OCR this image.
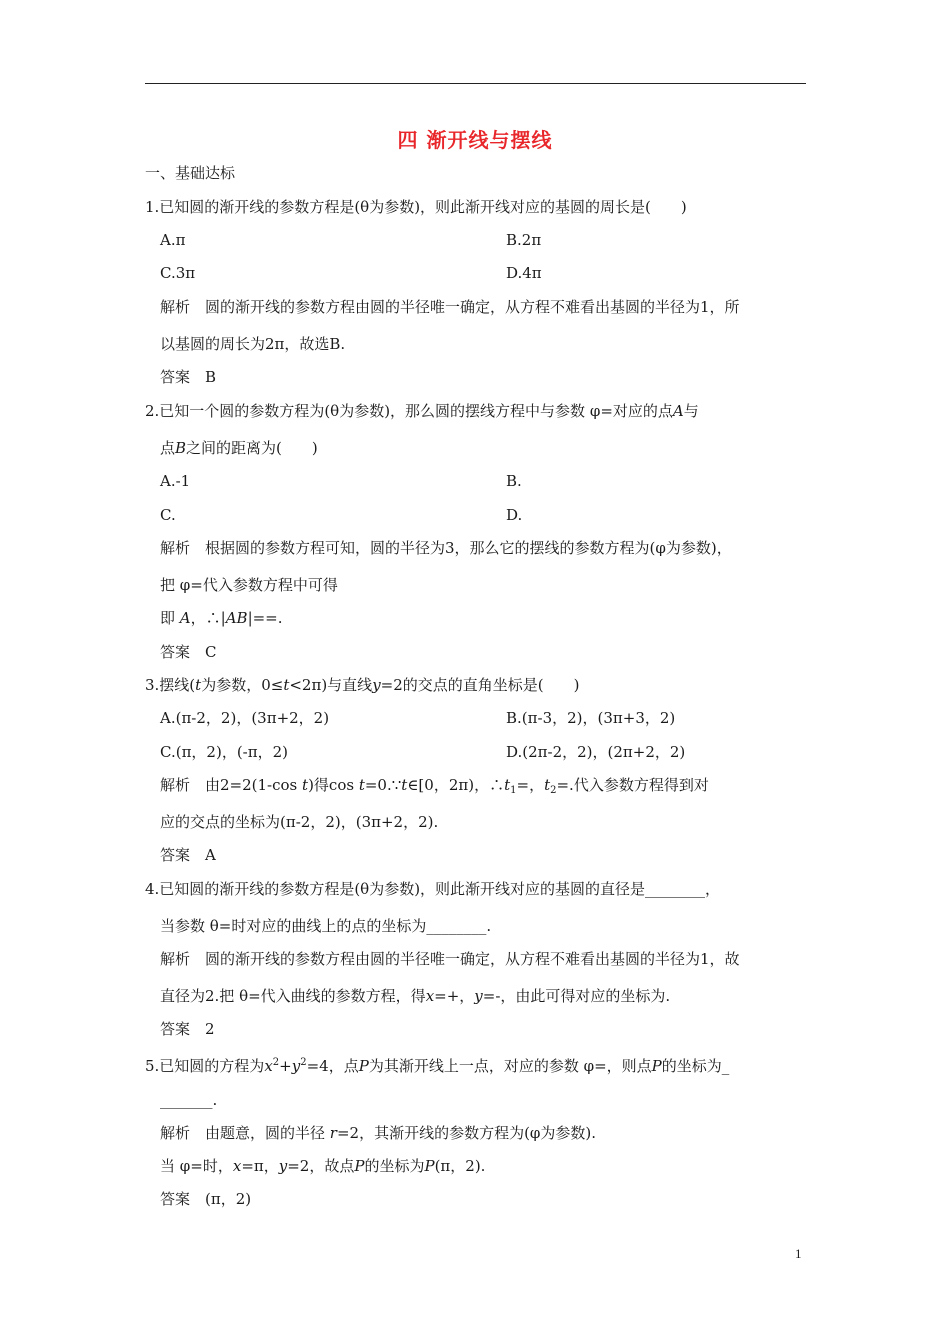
四 渐开线与摆线
一、基础达标
1.已知圆的渐开线的参数方程是(θ为参数)，则此渐开线对应的基圆的周长是(　　)
A.π	B.2π
C.3π	D.4π
解析　圆的渐开线的参数方程由圆的半径唯一确定，从方程不难看出基圆的半径为1，所
以基圆的周长为2π，故选B.
答案　B
2.已知一个圆的参数方程为(θ为参数)，那么圆的摆线方程中与参数 φ=对应的点A与
点B之间的距离为(　　)
A.-1	B.
C.	D.
解析　根据圆的参数方程可知，圆的半径为3，那么它的摆线的参数方程为(φ为参数)，
把 φ=代入参数方程中可得
即 A，∴|AB|==.
答案　C
3.摆线(t为参数，0≤t<2π)与直线y=2的交点的直角坐标是(　　)
A.(π-2，2)，(3π+2，2)	B.(π-3，2)，(3π+3，2)
C.(π，2)，(-π，2)	D.(2π-2，2)，(2π+2，2)
解析　由2=2(1-cos t)得cos t=0.∵t∈[0，2π)，$\therefore t_1=$，$t_2=$.代入参数方程得到对
应的交点的坐标为(π-2，2)，(3π+2，2).
答案　A
4.已知圆的渐开线的参数方程是(θ为参数)，则此渐开线对应的基圆的直径是________，
当参数 θ=时对应的曲线上的点的坐标为________.
解析　圆的渐开线的参数方程由圆的半径唯一确定，从方程不难看出基圆的半径为1，故
直径为2.把 θ=代入曲线的参数方程，得x=+，y=-，由此可得对应的坐标为.
答案　2
5.已知圆的方程为$x^2+y^2=4$，点P为其渐开线上一点，对应的参数 φ=，则点P的坐标为_
_______.
解析　由题意，圆的半径 r=2，其渐开线的参数方程为(φ为参数).
当 φ=时，x=π，y=2，故点P的坐标为P(π，2).
答案　(π，2)
1
